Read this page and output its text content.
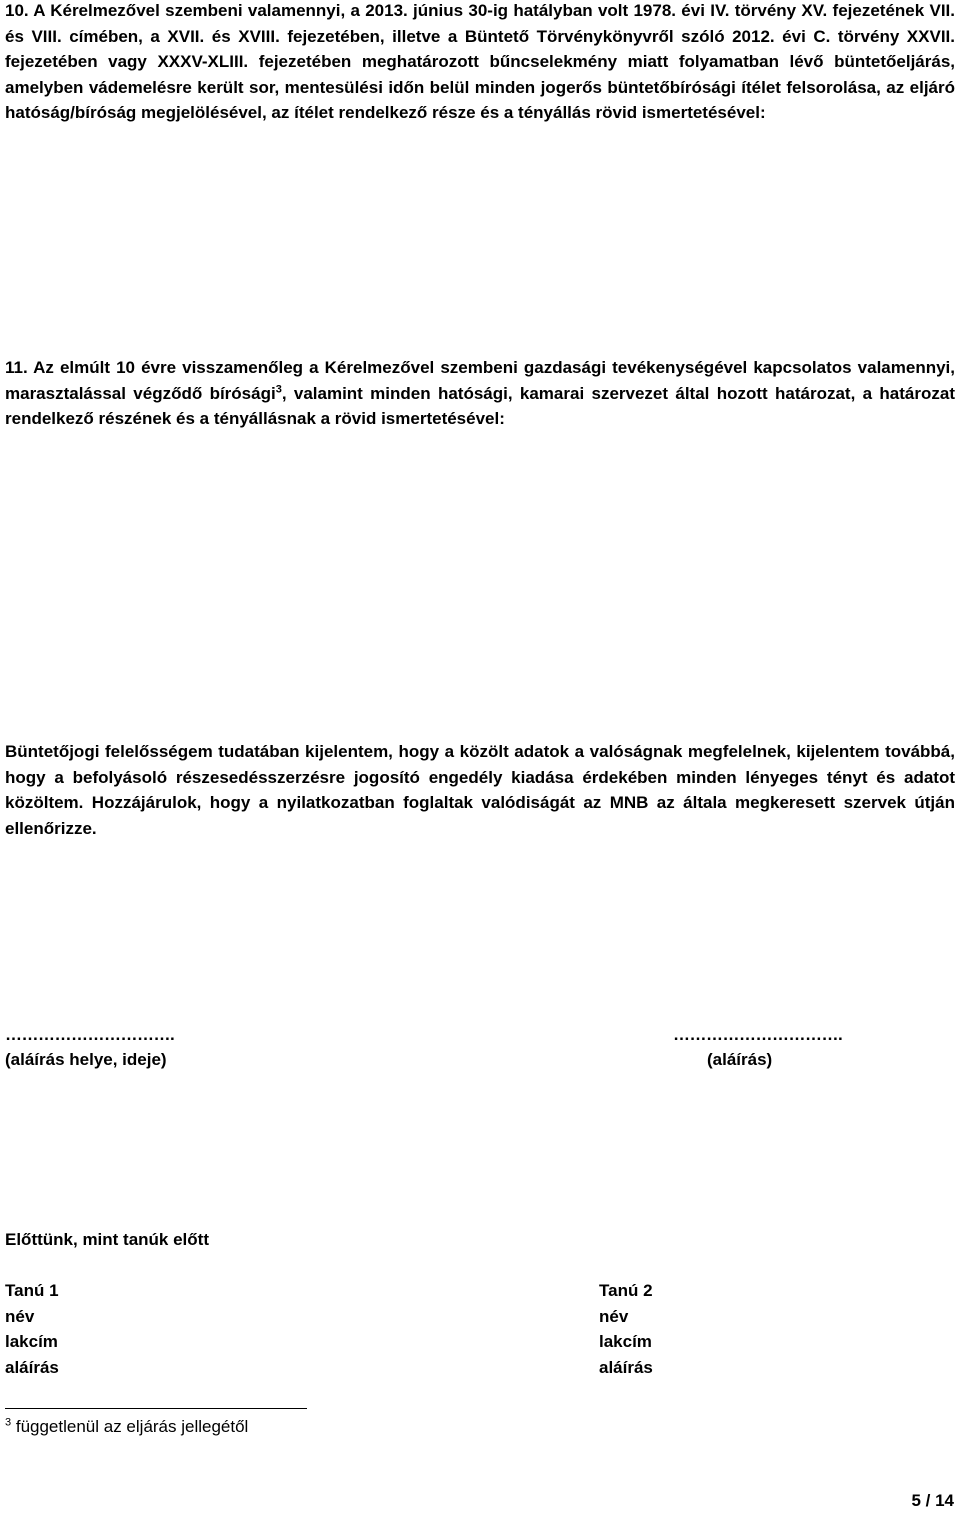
10. A Kérelmezővel szembeni valamennyi, a 2013. június 30-ig hatályban volt 1978. évi IV. törvény XV. fejezetének VII. és VIII. címében, a XVII. és XVIII. fejezetében, illetve a Büntető Törvénykönyvről szóló 2012. évi C. törvény XXVII. fejezetében vagy XXXV-XLIII. fejezetében meghatározott bűncselekmény miatt folyamatban lévő büntetőeljárás, amelyben vádemelésre került sor, mentesülési időn belül minden jogerős büntetőbírósági ítélet felsorolása, az eljáró hatóság/bíróság megjelölésével, az ítélet rendelkező része és a tényállás rövid ismertetésével:

11. Az elmúlt 10 évre visszamenőleg a Kérelmezővel szembeni gazdasági tevékenységével kapcsolatos valamennyi, marasztalással végződő bírósági$^3$, valamint minden hatósági, kamarai szervezet által hozott határozat, a határozat rendelkező részének és a tényállásnak a rövid ismertetésével:

Büntetőjogi felelősségem tudatában kijelentem, hogy a közölt adatok a valóságnak megfelelnek, kijelentem továbbá, hogy a befolyásoló részesedésszerzésre jogosító engedély kiadása érdekében minden lényeges tényt és adatot közöltem. Hozzájárulok, hogy a nyilatkozatban foglaltak valódiságát az MNB az általa megkeresett szervek útján ellenőrizze.

………………………….
(aláírás helye, ideje)
………………………….
(aláírás)
Előttünk, mint tanúk előtt
Tanú 1
név
lakcím
aláírás
Tanú 2
név
lakcím
aláírás
$^3$ függetlenül az eljárás jellegétől
5 / 14
